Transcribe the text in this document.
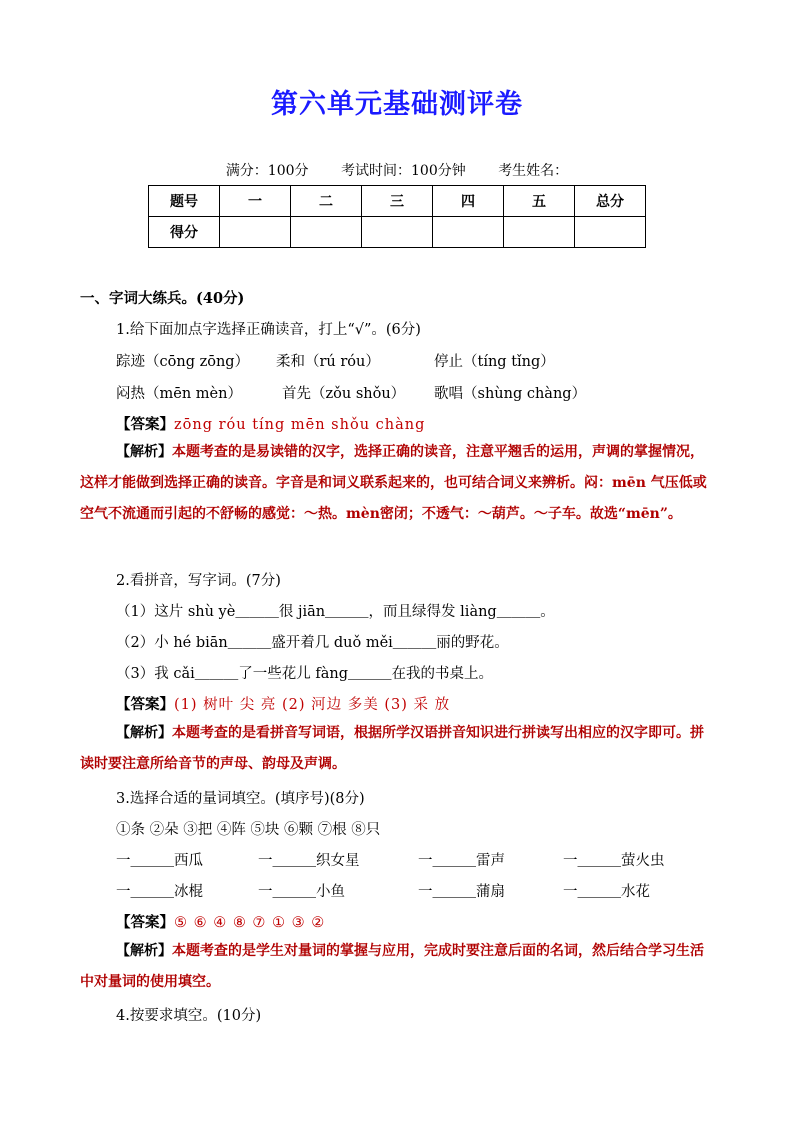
第六单元基础测评卷
满分：100分 考试时间：100分钟 考生姓名：
题号	一	二	三	四	五	总分
得分						
一、字词大练兵。(40分)
1.给下面加点字选择正确读音，打上“√”。(6分)
踪迹（cōng zōng） 柔和（rú róu）	停止（tíng tǐng）
闷热（mēn mèn）	首先（zǒu shǒu） 歌唱（shùng chàng）
【答案】zōng róu tíng mēn shǒu chàng
【解析】本题考查的是易读错的汉字，选择正确的读音，注意平翘舌的运用，声调的掌握情况，这样才能做到选择正确的读音。字音是和词义联系起来的，也可结合词义来辨析。闷：mēn 气压低或空气不流通而引起的不舒畅的感觉：～热。mèn密闭；不透气：～葫芦。～子车。故选“mēn”。
2.看拼音，写字词。(7分)
（1）这片 shù yè＿＿＿很 jiān＿＿＿，而且绿得发 liàng＿＿＿。
（2）小 hé biān＿＿＿盛开着几 duǒ měi＿＿＿丽的野花。
（3）我 cǎi＿＿＿了一些花儿 fàng＿＿＿在我的书桌上。
【答案】(1) 树叶 尖 亮 (2) 河边 多美 (3) 采 放
【解析】本题考查的是看拼音写词语，根据所学汉语拼音知识进行拼读写出相应的汉字即可。拼读时要注意所给音节的声母、韵母及声调。
3.选择合适的量词填空。(填序号)(8分)
①条 ②朵 ③把 ④阵 ⑤块 ⑥颗 ⑦根 ⑧只
一＿＿＿西瓜	一＿＿＿织女星	一＿＿＿雷声	一＿＿＿萤火虫
一＿＿＿冰棍	一＿＿＿小鱼	一＿＿＿蒲扇	一＿＿＿水花
【答案】⑤ ⑥ ④ ⑧ ⑦ ① ③ ②
【解析】本题考查的是学生对量词的掌握与应用，完成时要注意后面的名词，然后结合学习生活中对量词的使用填空。
4.按要求填空。(10分)
